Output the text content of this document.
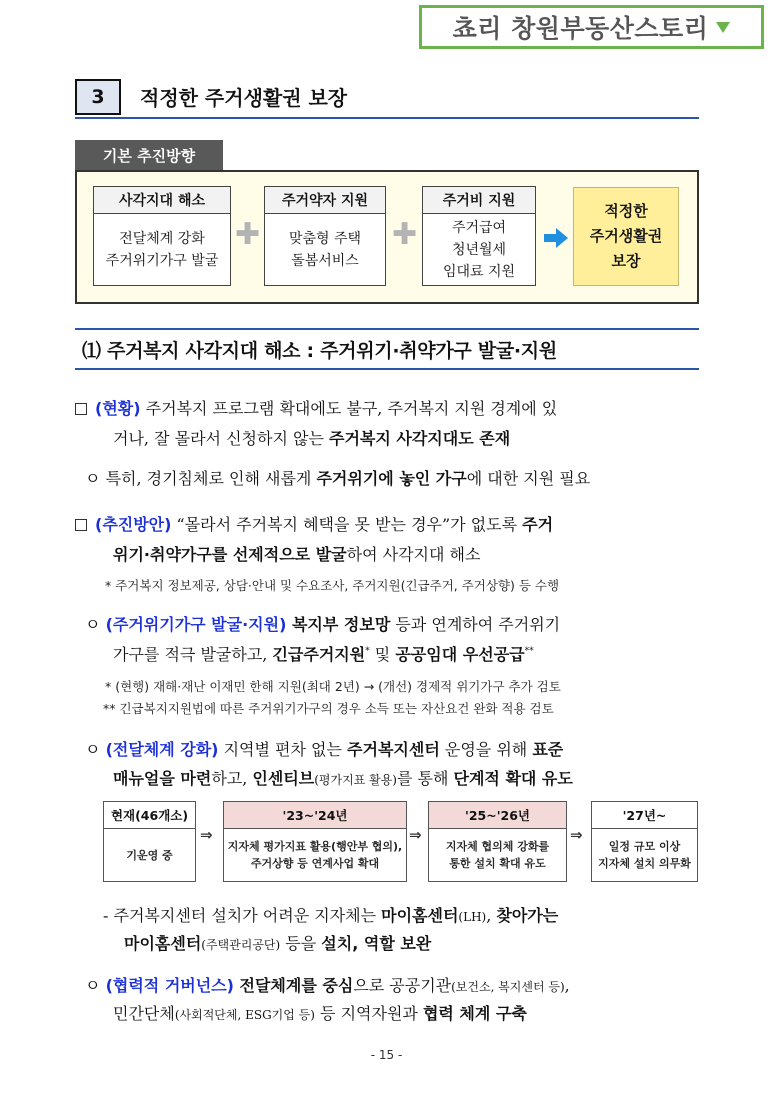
쵸리 창원부동산스토리
3	적정한 주거생활권 보장
기본 추진방향
사각지대 해소
전달체계 강화
주거위기가구 발굴
✚
주거약자 지원
맞춤형 주택
돌봄서비스
✚
주거비 지원
주거급여
청년월세
임대료 지원
적정한
주거생활권
보장
⑴ 주거복지 사각지대 해소 : 주거위기·취약가구 발굴·지원
(현황) 주거복지 프로그램 확대에도 불구, 주거복지 지원 경계에 있
거나, 잘 몰라서 신청하지 않는 주거복지 사각지대도 존재
ㅇ 특히, 경기침체로 인해 새롭게 주거위기에 놓인 가구에 대한 지원 필요
(추진방안) “몰라서 주거복지 혜택을 못 받는 경우”가 없도록 주거
위기·취약가구를 선제적으로 발굴하여 사각지대 해소
* 주거복지 정보제공, 상담·안내 및 수요조사, 주거지원(긴급주거, 주거상향) 등 수행
ㅇ (주거위기가구 발굴·지원) 복지부 정보망 등과 연계하여 주거위기
가구를 적극 발굴하고, 긴급주거지원* 및 공공임대 우선공급**
* (현행) 재해·재난 이재민 한해 지원(최대 2년) → (개선) 경제적 위기가구 추가 검토
** 긴급복지지원법에 따른 주거위기가구의 경우 소득 또는 자산요건 완화 적용 검토
ㅇ (전달체계 강화) 지역별 편차 없는 주거복지센터 운영을 위해 표준
매뉴얼을 마련하고, 인센티브(평가지표 활용)를 통해 단계적 확대 유도
현재(46개소)
기운영 중
⇒
'23~'24년
지자체 평가지표 활용(행안부 협의),
주거상향 등 연계사업 확대
⇒
'25~'26년
지자체 협의체 강화를
통한 설치 확대 유도
⇒
'27년~
일정 규모 이상
지자체 설치 의무화
- 주거복지센터 설치가 어려운 지자체는 마이홈센터(LH), 찾아가는
마이홈센터(주택관리공단) 등을 설치, 역할 보완
ㅇ (협력적 거버넌스) 전달체계를 중심으로 공공기관(보건소, 복지센터 등),
민간단체(사회적단체, ESG기업 등) 등 지역자원과 협력 체계 구축
- 15 -
